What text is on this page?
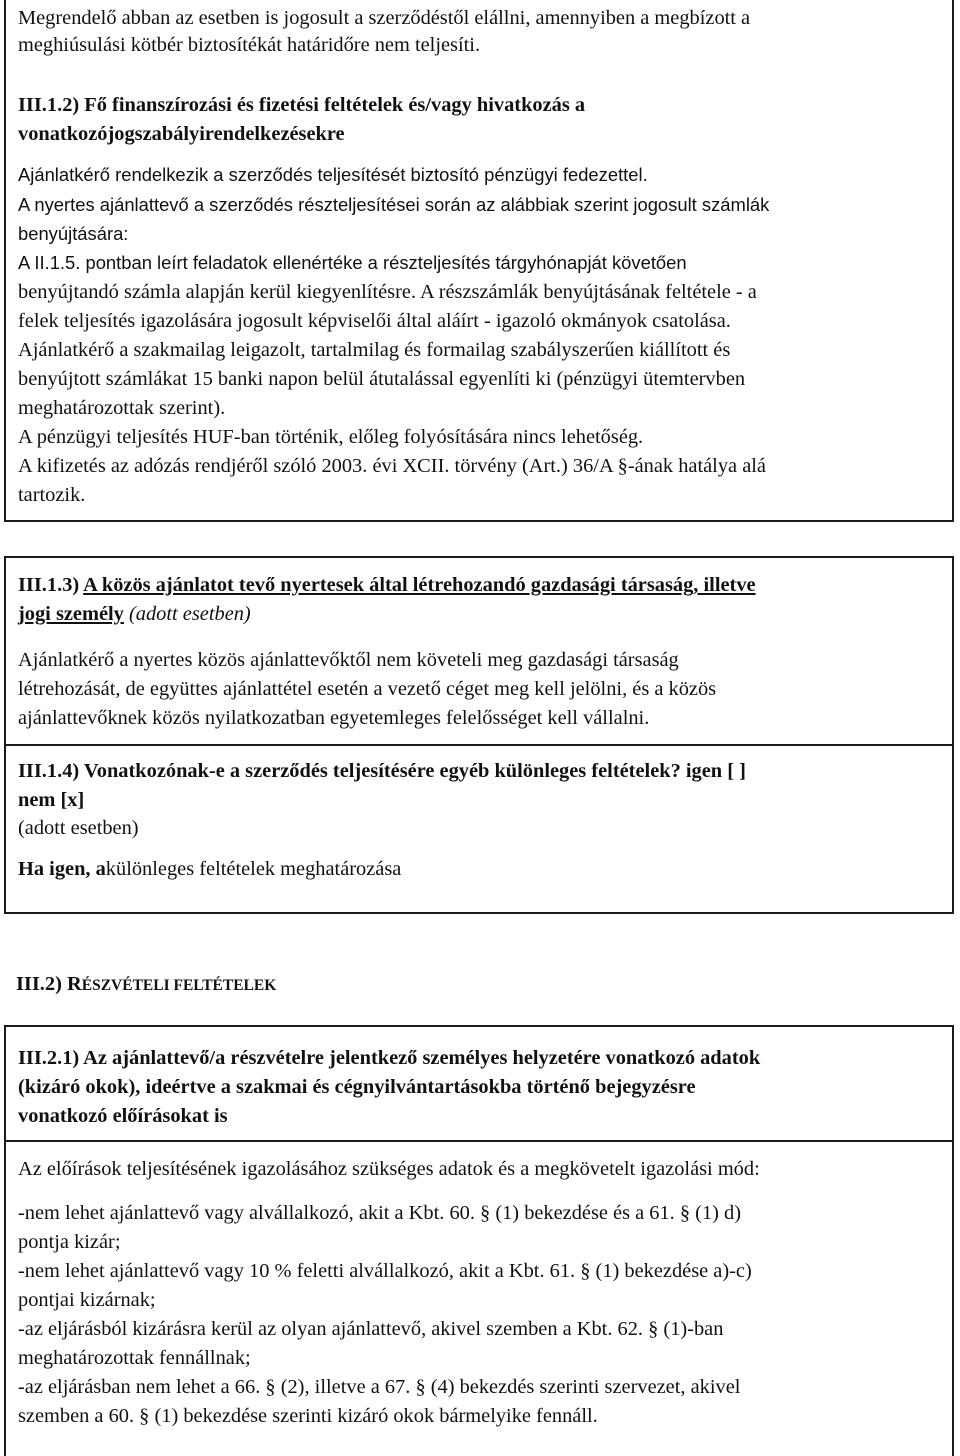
Megrendelő abban az esetben is jogosult a szerződéstől elállni, amennyiben a megbízott a
meghiúsulási kötbér biztosítékát határidőre nem teljesíti.
III.1.2) Fő finanszírozási és fizetési feltételek és/vagy hivatkozás a
vonatkozójogszabályirendelkezésekre
Ajánlatkérő rendelkezik a szerződés teljesítését biztosító pénzügyi fedezettel.
A nyertes ajánlattevő a szerződés részteljesítései során az alábbiak szerint jogosult számlák
benyújtására:
A II.1.5. pontban leírt feladatok ellenértéke a részteljesítés tárgyhónapját követően
benyújtandó számla alapján kerül kiegyenlítésre. A részszámlák benyújtásának feltétele - a
felek teljesítés igazolására jogosult képviselői által aláírt - igazoló okmányok csatolása.
Ajánlatkérő a szakmailag leigazolt, tartalmilag és formailag szabályszerűen kiállított és
benyújtott számlákat 15 banki napon belül átutalással egyenlíti ki (pénzügyi ütemtervben
meghatározottak szerint).
A pénzügyi teljesítés HUF-ban történik, előleg folyósítására nincs lehetőség.
A kifizetés az adózás rendjéről szóló 2003. évi XCII. törvény (Art.) 36/A §-ának hatálya alá
tartozik.
III.1.3) A közös ajánlatot tevő nyertesek által létrehozandó gazdasági társaság, illetve
jogi személy (adott esetben)
Ajánlatkérő a nyertes közös ajánlattevőktől nem követeli meg gazdasági társaság
létrehozását, de együttes ajánlattétel esetén a vezető céget meg kell jelölni, és a közös
ajánlattevőknek közös nyilatkozatban egyetemleges felelősséget kell vállalni.
III.1.4) Vonatkozónak-e a szerződés teljesítésére egyéb különleges feltételek? igen [ ]
nem [x]
(adott esetben)
Ha igen, akülönleges feltételek meghatározása
III.2) RÉSZVÉTELI FELTÉTELEK
III.2.1) Az ajánlattevő/a részvételre jelentkező személyes helyzetére vonatkozó adatok
(kizáró okok), ideértve a szakmai és cégnyilvántartásokba történő bejegyzésre
vonatkozó előírásokat is
Az előírások teljesítésének igazolásához szükséges adatok és a megkövetelt igazolási mód:
-nem lehet ajánlattevő vagy alvállalkozó, akit a Kbt. 60. § (1) bekezdése és a 61. § (1) d)
pontja kizár;
-nem lehet ajánlattevő vagy 10 % feletti alvállalkozó, akit a Kbt. 61. § (1) bekezdése a)-c)
pontjai kizárnak;
-az eljárásból kizárásra kerül az olyan ajánlattevő, akivel szemben a Kbt. 62. § (1)-ban
meghatározottak fennállnak;
-az eljárásban nem lehet a 66. § (2), illetve a 67. § (4) bekezdés szerinti szervezet, akivel
szemben a 60. § (1) bekezdése szerinti kizáró okok bármelyike fennáll.
